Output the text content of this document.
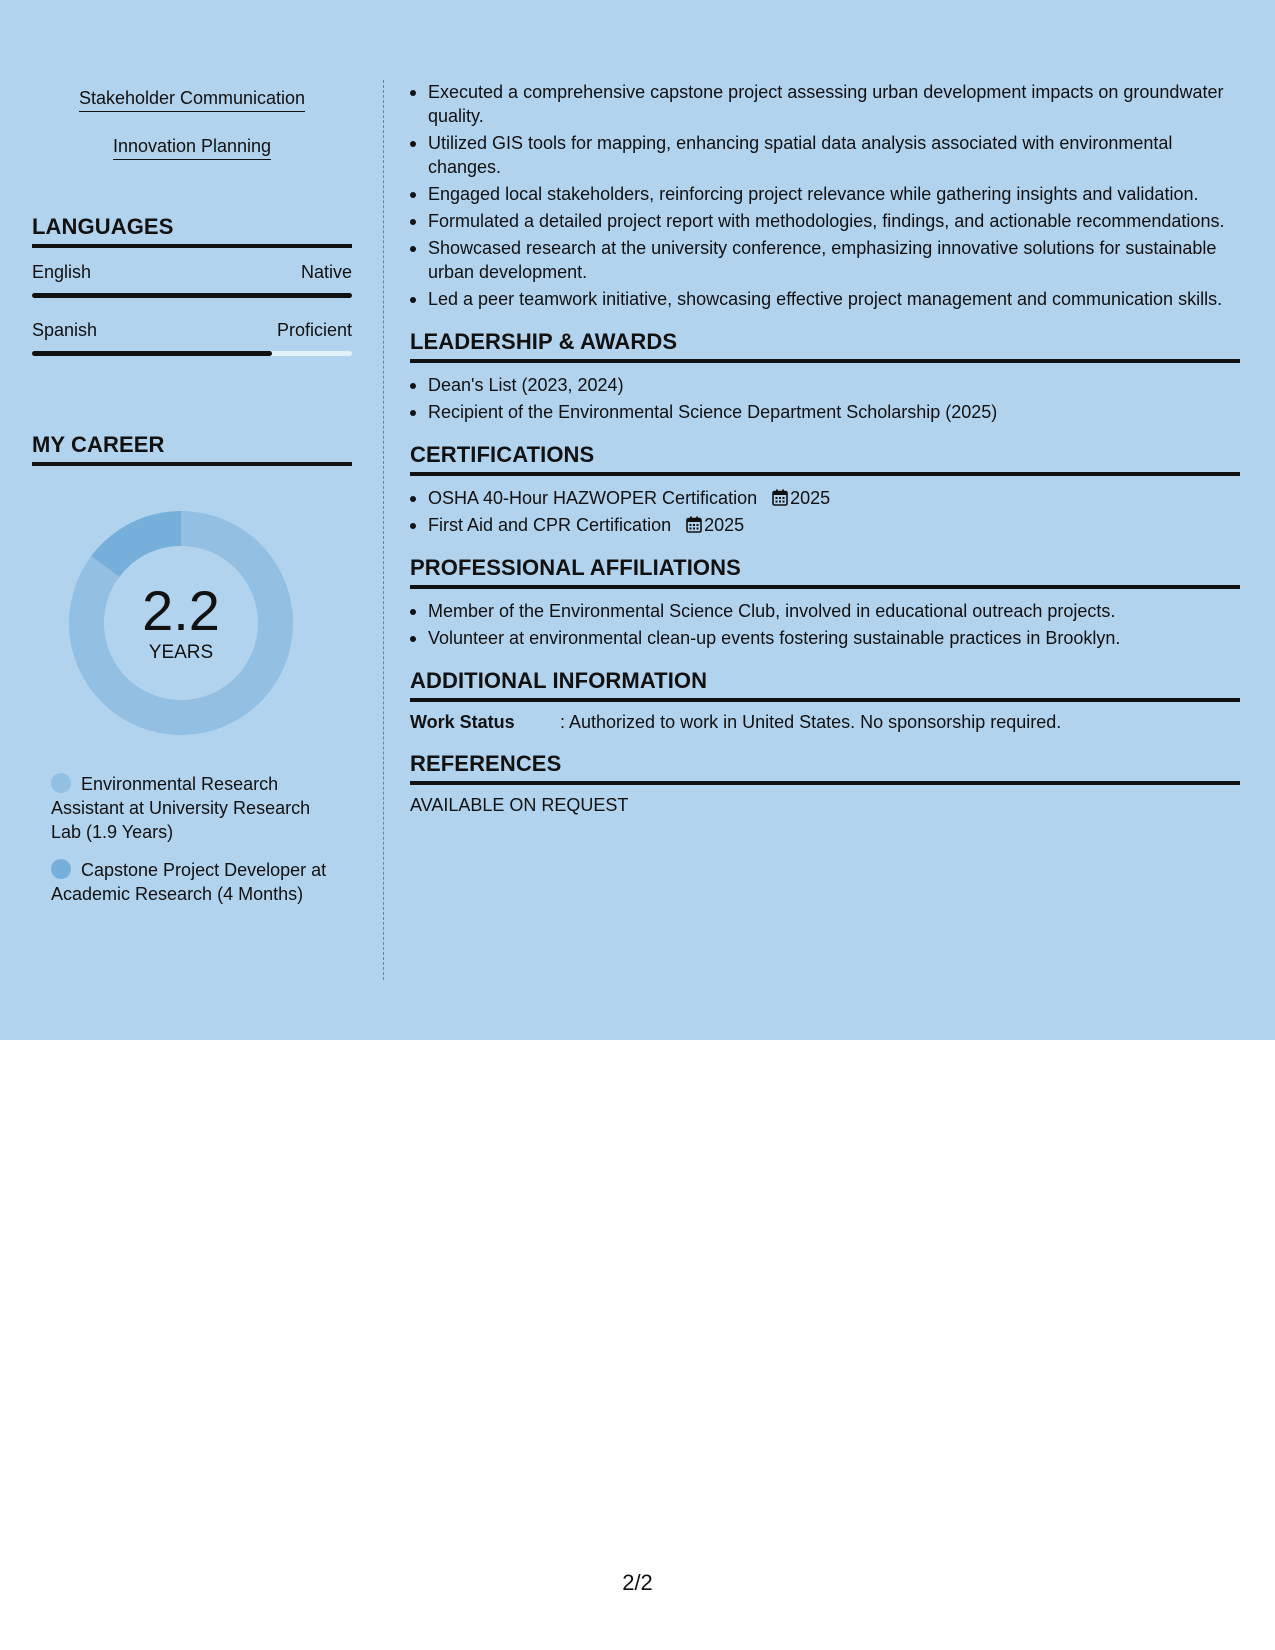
Stakeholder Communication
Innovation Planning
LANGUAGES
English	Native
Spanish	Proficient
MY CAREER
2.2
YEARS
Environmental Research Assistant at University Research Lab (1.9 Years)
Capstone Project Developer at Academic Research (4 Months)
Executed a comprehensive capstone project assessing urban development impacts on groundwater quality.
Utilized GIS tools for mapping, enhancing spatial data analysis associated with environmental changes.
Engaged local stakeholders, reinforcing project relevance while gathering insights and validation.
Formulated a detailed project report with methodologies, findings, and actionable recommendations.
Showcased research at the university conference, emphasizing innovative solutions for sustainable urban development.
Led a peer teamwork initiative, showcasing effective project management and communication skills.
LEADERSHIP & AWARDS
Dean's List (2023, 2024)
Recipient of the Environmental Science Department Scholarship (2025)
CERTIFICATIONS
OSHA 40-Hour HAZWOPER Certification 2025
First Aid and CPR Certification 2025
PROFESSIONAL AFFILIATIONS
Member of the Environmental Science Club, involved in educational outreach projects.
Volunteer at environmental clean-up events fostering sustainable practices in Brooklyn.
ADDITIONAL INFORMATION
Work Status	: Authorized to work in United States. No sponsorship required.
REFERENCES
AVAILABLE ON REQUEST
2/2
